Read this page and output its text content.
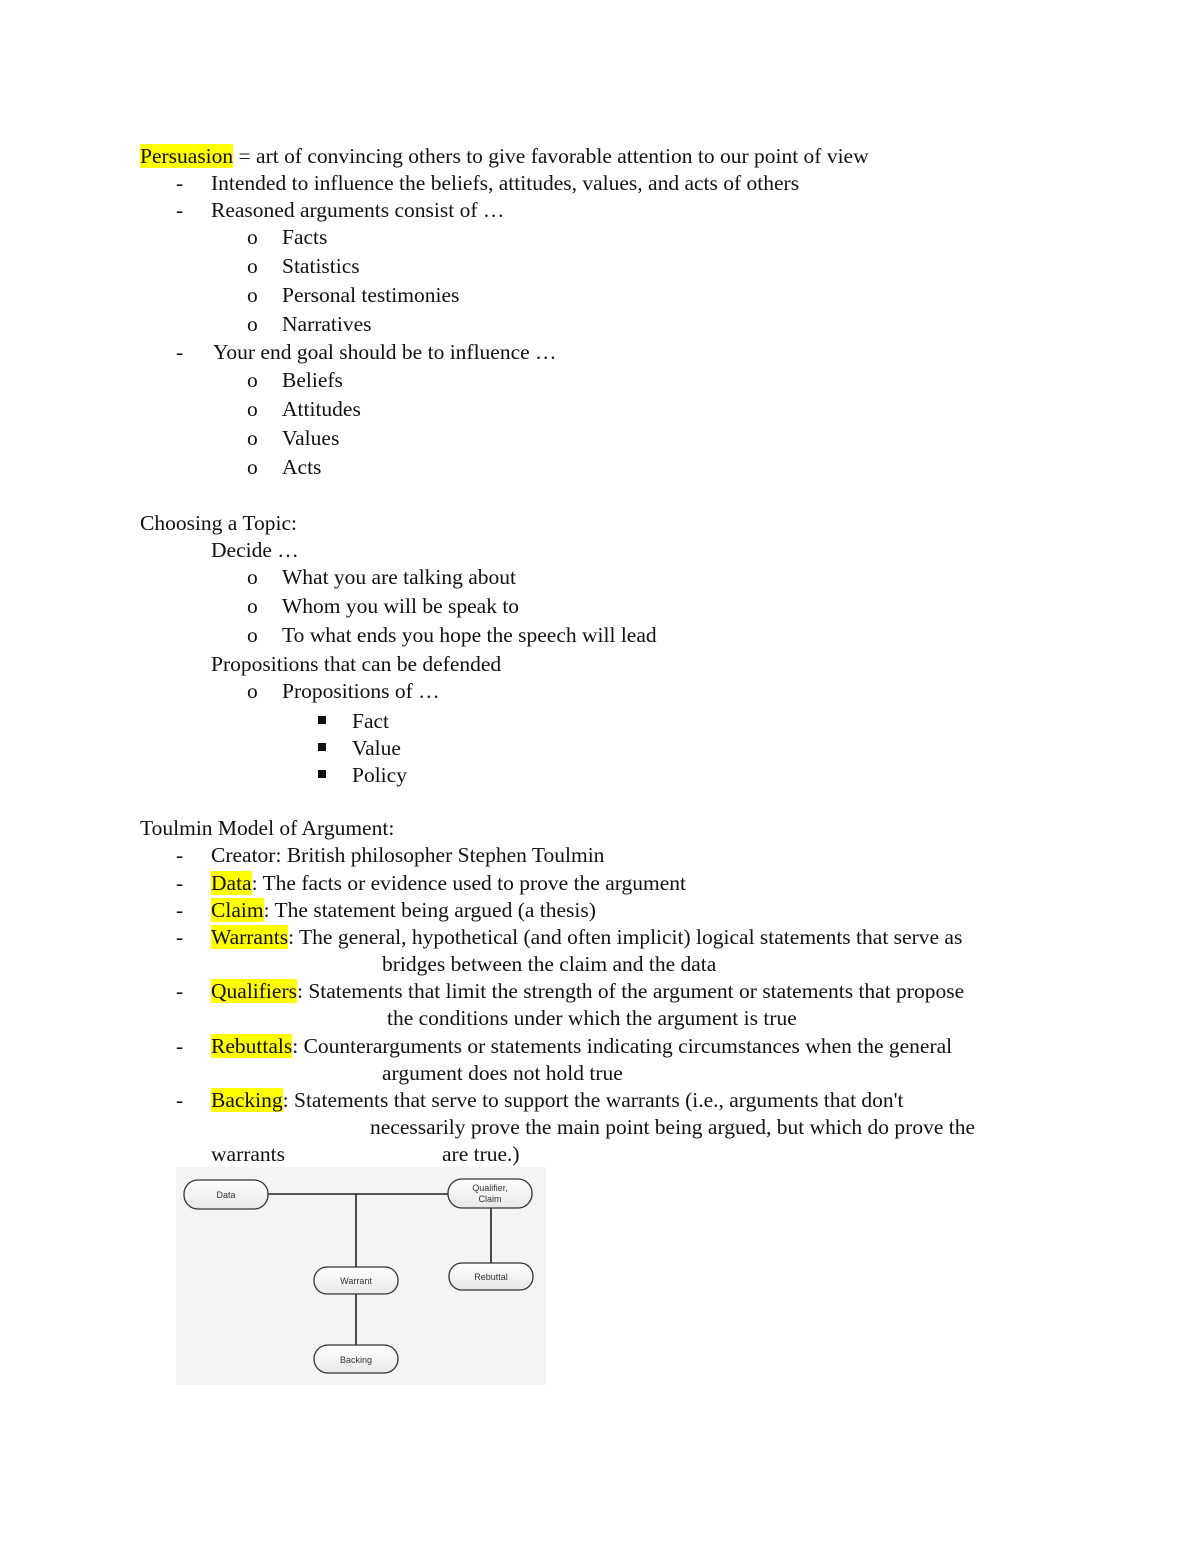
Persuasion = art of convincing others to give favorable attention to our point of view
- Intended to influence the beliefs, attitudes, values, and acts of others
- Reasoned arguments consist of …
o Facts
o Statistics
o Personal testimonies
o Narratives
- Your end goal should be to influence …
o Beliefs
o Attitudes
o Values
o Acts
Choosing a Topic:
Decide …
o What you are talking about
o Whom you will be speak to
o To what ends you hope the speech will lead
Propositions that can be defended
o Propositions of …
Fact
Value
Policy
Toulmin Model of Argument:
- Creator: British philosopher Stephen Toulmin
- Data: The facts or evidence used to prove the argument
- Claim: The statement being argued (a thesis)
- Warrants: The general, hypothetical (and often implicit) logical statements that serve as
bridges between the claim and the data
- Qualifiers: Statements that limit the strength of the argument or statements that propose
the conditions under which the argument is true
- Rebuttals: Counterarguments or statements indicating circumstances when the general
argument does not hold true
- Backing: Statements that serve to support the warrants (i.e., arguments that don't
necessarily prove the main point being argued, but which do prove the
warrants	are true.)
Data
Qualifier,
Claim
Warrant	Rebuttal
Backing
